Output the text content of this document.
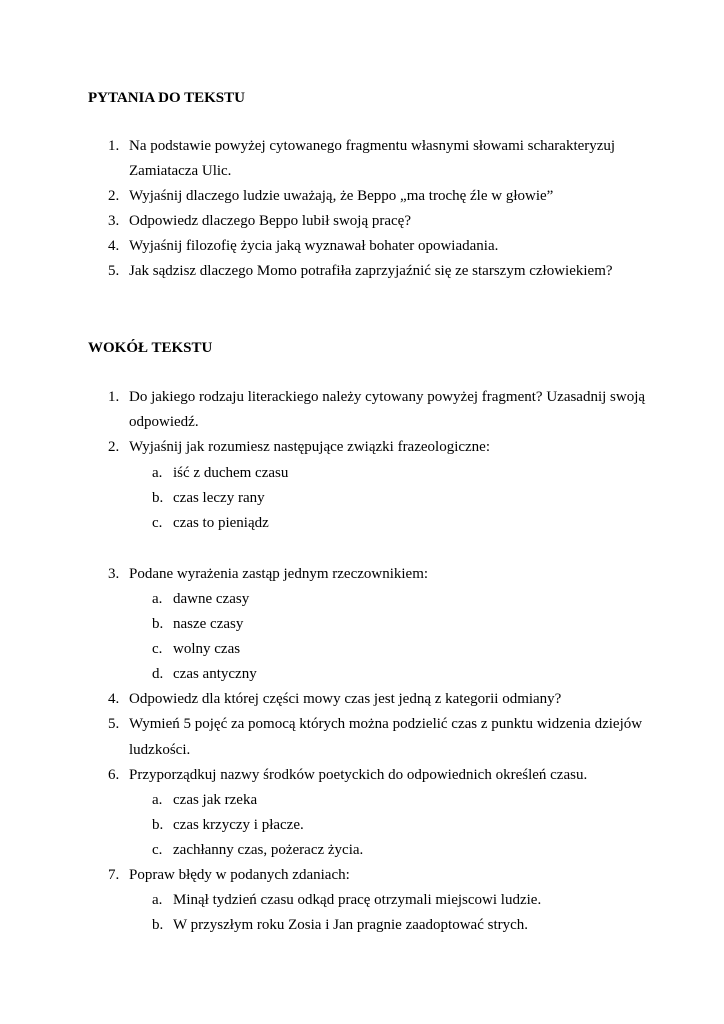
PYTANIA DO TEKSTU
1. Na podstawie powyżej cytowanego fragmentu własnymi słowami scharakteryzuj
Zamiatacza Ulic.
2. Wyjaśnij dlaczego ludzie uważają, że Beppo „ma trochę źle w głowie”
3. Odpowiedz dlaczego Beppo lubił swoją pracę?
4. Wyjaśnij filozofię życia jaką wyznawał bohater opowiadania.
5. Jak sądzisz dlaczego Momo potrafiła zaprzyjaźnić się ze starszym człowiekiem?
WOKÓŁ TEKSTU
1. Do jakiego rodzaju literackiego należy cytowany powyżej fragment? Uzasadnij swoją
odpowiedź.
2. Wyjaśnij jak rozumiesz następujące związki frazeologiczne:
a. iść z duchem czasu
b. czas leczy rany
c. czas to pieniądz
3. Podane wyrażenia zastąp jednym rzeczownikiem:
a. dawne czasy
b. nasze czasy
c. wolny czas
d. czas antyczny
4. Odpowiedz dla której części mowy czas jest jedną z kategorii odmiany?
5. Wymień 5 pojęć za pomocą których można podzielić czas z punktu widzenia dziejów
ludzkości.
6. Przyporządkuj nazwy środków poetyckich do odpowiednich określeń czasu.
a. czas jak rzeka
b. czas krzyczy i płacze.
c. zachłanny czas, pożeracz życia.
7. Popraw błędy w podanych zdaniach:
a. Minął tydzień czasu odkąd pracę otrzymali miejscowi ludzie.
b. W przyszłym roku Zosia i Jan pragnie zaadoptować strych.
